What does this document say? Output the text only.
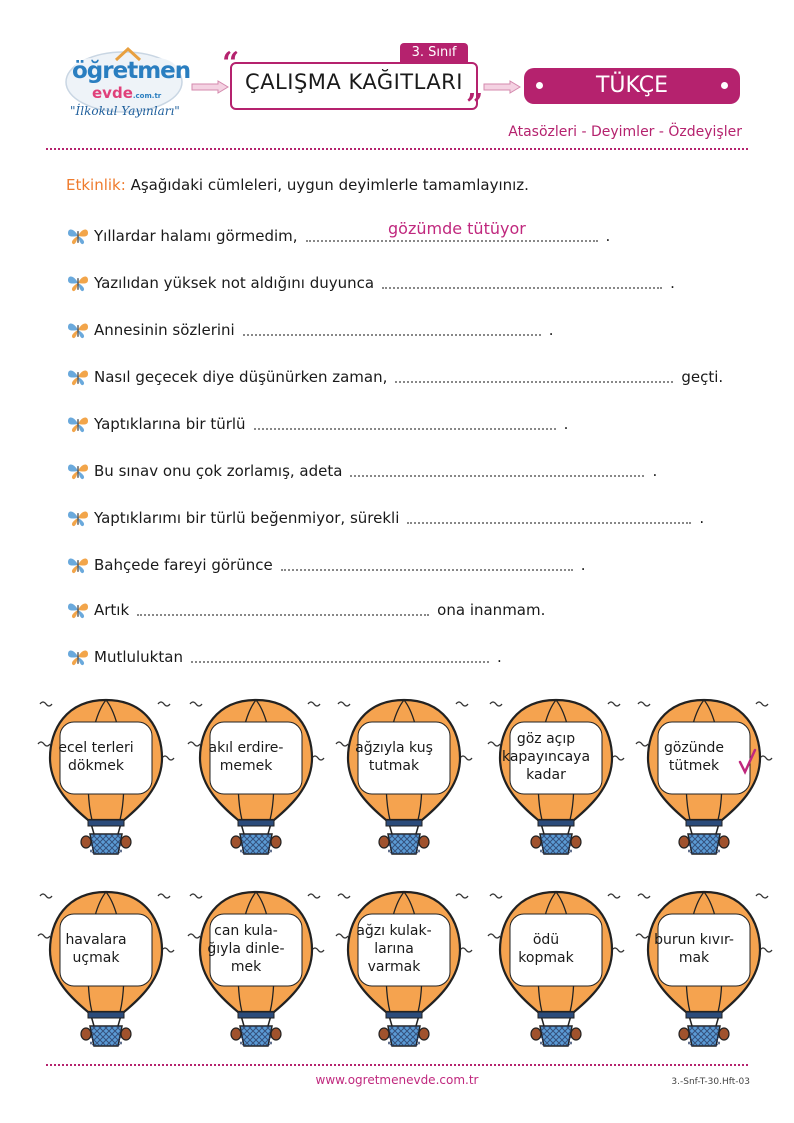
öğretmen
evde.com.tr
"İlkokul Yayınları"
3. Sınıf
“
”
ÇALIŞMA KAĞITLARI	TÜKÇE
Atasözleri - Deyimler - Özdeyişler
Etkinlik: Aşağıdaki cümleleri, uygun deyimlerle tamamlayınız.
Yıllardar halamı görmedim,	.
Yazılıdan yüksek not aldığını duyunca	.
Annesinin sözlerini	.
Nasıl geçecek diye düşünürken zaman,	geçti.
Yaptıklarına bir türlü	.
Bu sınav onu çok zorlamış, adeta	.
Yaptıklarımı bir türlü beğenmiyor, sürekli	.
Bahçede fareyi görünce	.
Artık	ona inanmam.
Mutluluktan	.
gözümde tütüyor
ecel terleri
dökmek
akıl erdire-
memek
ağzıyla kuş
tutmak
göz açıp
kapayıncaya
kadar
gözünde
tütmek
havalara
uçmak
can kula-
ğıyla dinle-
mek
ağzı kulak-
larına
varmak
ödü
kopmak
burun kıvır-
mak
www.ogretmenevde.com.tr	3.-Snf-T-30.Hft-03
